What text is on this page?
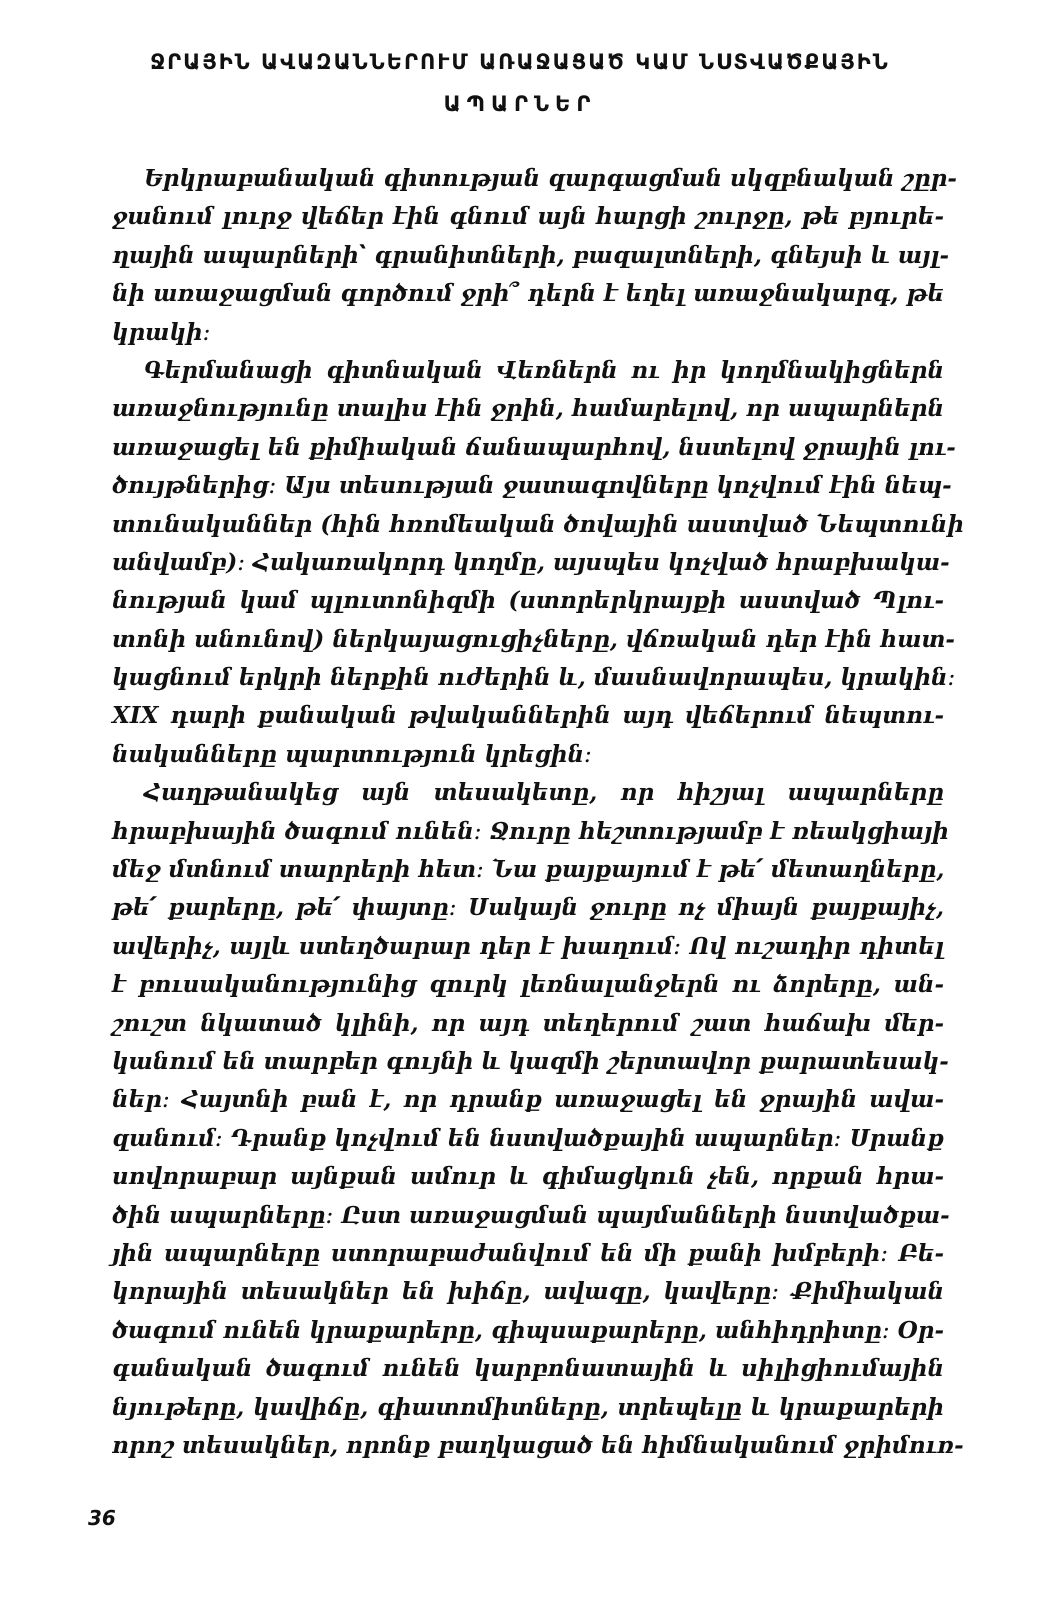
ՋՐԱՅԻՆ ԱՎԱԶԱՆՆԵՐՈՒՄ ԱՌԱՋԱՑԱԾ ԿԱՄ ՆՍՏՎԱԾՔԱՅԻՆ
ԱՊԱՐՆԵՐ
Երկրաբանական գիտության զարգացման սկզբնական շըր-
ջանում լուրջ վեճեր էին գնում այն հարցի շուրջը, թե բյուրե-
ղային ապարների՝ գրանիտների, բազալտների, գնեյսի և այլ-
նի առաջացման գործում ջրի՞ դերն է եղել առաջնակարգ, թե
կրակի։
Գերմանացի գիտնական Վեռներն ու իր կողմնակիցներն
առաջնությունը տալիս էին ջրին, համարելով, որ ապարներն
առաջացել են քիմիական ճանապարհով, նստելով ջրային լու-
ծույթներից։ Այս տեսության ջատագովները կոչվում էին նեպ-
տունականներ (հին հռոմեական ծովային աստված Նեպտունի
անվամբ)։ Հակառակորդ կողմը, այսպես կոչված հրաբխակա-
նության կամ պլուտոնիզմի (ստորերկրայքի աստված Պլու-
տոնի անունով) ներկայացուցիչները, վճռական դեր էին հատ-
կացնում երկրի ներքին ուժերին և, մասնավորապես, կրակին։
XIX դարի քանական թվականներին այդ վեճերում նեպտու-
նականները պարտություն կրեցին։
Հաղթանակեց այն տեսակետը, որ հիշյալ ապարները
հրաբխային ծագում ունեն։ Ջուրը հեշտությամբ է ռեակցիայի
մեջ մտնում տարրերի հետ։ Նա քայքայում է թե՛ մետաղները,
թե՛ քարերը, թե՛ փայտը։ Սակայն ջուրը ոչ միայն քայքայիչ,
ավերիչ, այլև ստեղծարար դեր է խաղում։ Ով ուշադիր դիտել
է բուսականությունից զուրկ լեռնալանջերն ու ձորերը, ան-
շուշտ նկատած կլինի, որ այդ տեղերում շատ հաճախ մեր-
կանում են տարբեր գույնի և կազմի շերտավոր քարատեսակ-
ներ։ Հայտնի բան է, որ դրանք առաջացել են ջրային ավա-
զանում։ Դրանք կոչվում են նստվածքային ապարներ։ Սրանք
սովորաբար այնքան ամուր և գիմացկուն չեն, որքան հրա-
ծին ապարները։ Ըստ առաջացման պայմանների նստվածքա-
յին ապարները ստորաբաժանվում են մի քանի խմբերի։ Բե-
կորային տեսակներ են խիճը, ավազը, կավերը։ Քիմիական
ծագում ունեն կրաքարերը, գիպսաքարերը, անհիդրիտը։ Օր-
գանական ծագում ունեն կարբոնատային և սիլիցիումային
նյութերը, կավիճը, գիատոմիտները, տրեպելը և կրաքարերի
որոշ տեսակներ, որոնք բաղկացած են հիմնականում ջրիմուռ-
36
